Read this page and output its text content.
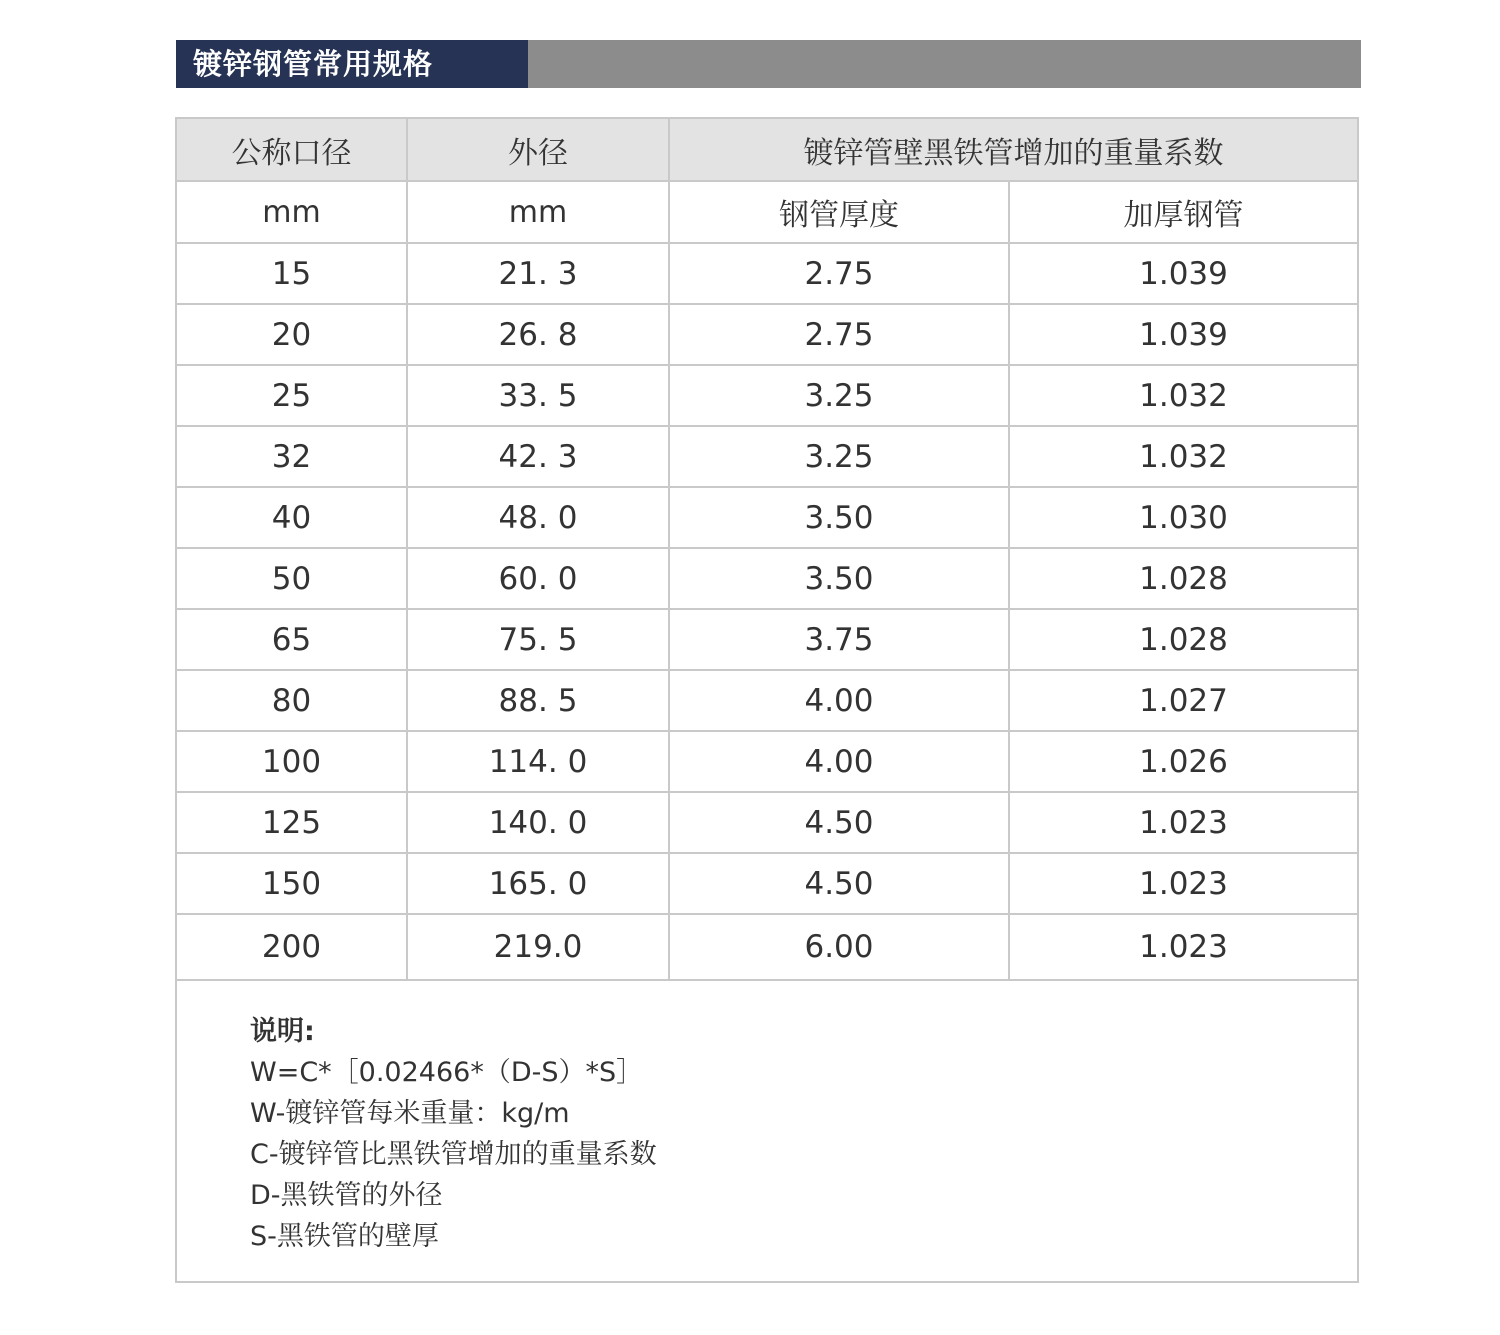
镀锌钢管常用规格
公称口径	外径	镀锌管壁黑铁管增加的重量系数	
mm	mm	钢管厚度	加厚钢管
15	21. 3	2.75	1.039
20	26. 8	2.75	1.039
25	33. 5	3.25	1.032
32	42. 3	3.25	1.032
40	48. 0	3.50	1.030
50	60. 0	3.50	1.028
65	75. 5	3.75	1.028
80	88. 5	4.00	1.027
100	114. 0	4.00	1.026
125	140. 0	4.50	1.023
150	165. 0	4.50	1.023
200	219.0	6.00	1.023
说明:
W=C*［0.02466*（D-S）*S］
W-镀锌管每米重量：kg/m
C-镀锌管比黑铁管增加的重量系数
D-黑铁管的外径
S-黑铁管的壁厚
